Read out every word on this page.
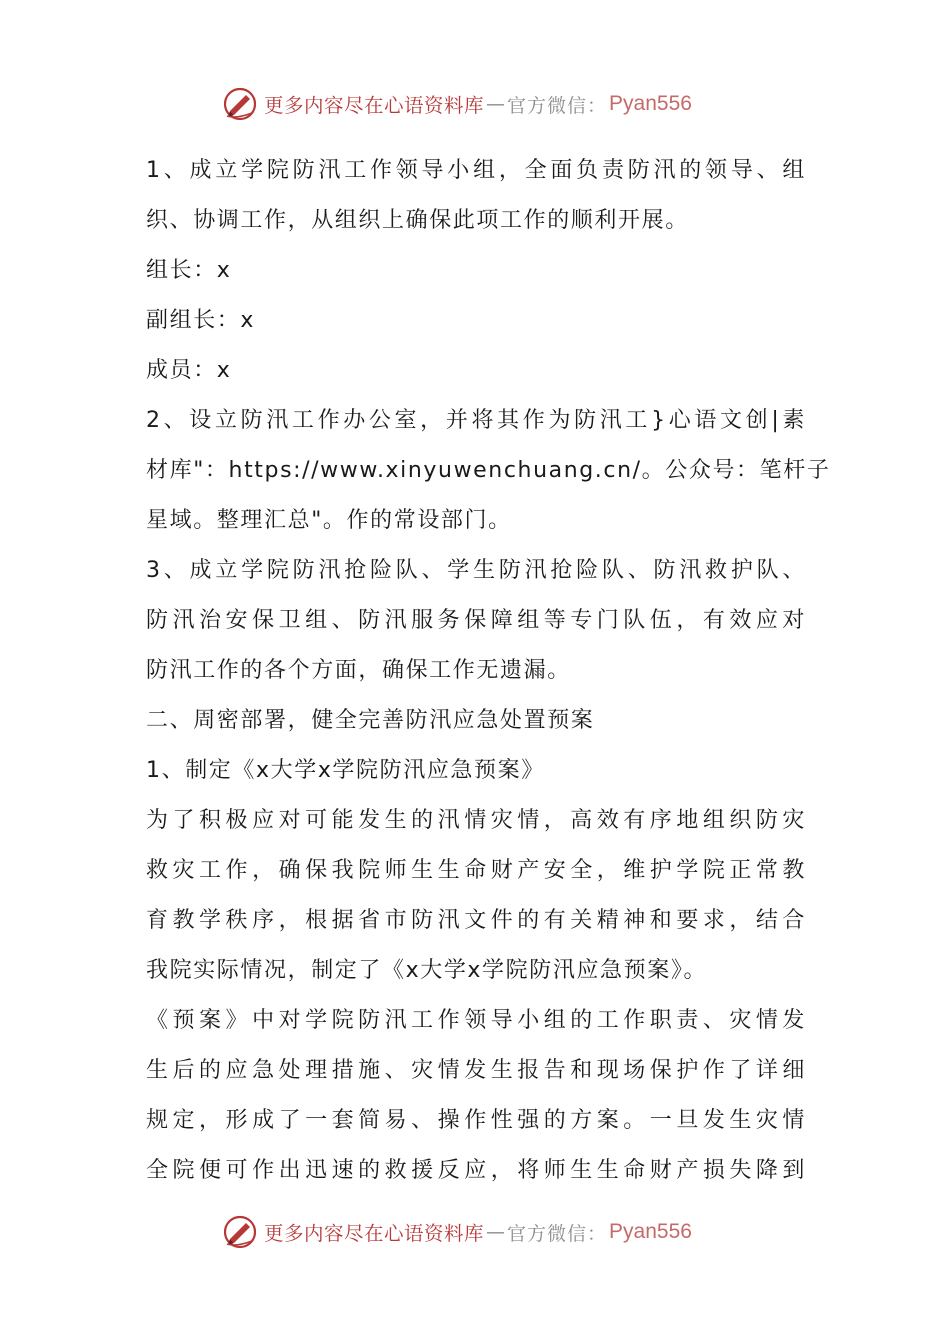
更多内容尽在心语资料库 — 官方微信： Pyan556
1、成立学院防汛工作领导小组，全面负责防汛的领导、组
织、协调工作，从组织上确保此项工作的顺利开展。
组长：x
副组长：x
成员：x
2、设立防汛工作办公室，并将其作为防汛工}心语文创|素
材库"：https://www.xinyuwenchuang.cn/。公众号：笔杆子
星域。整理汇总"。作的常设部门。
3、成立学院防汛抢险队、学生防汛抢险队、防汛救护队、
防汛治安保卫组、防汛服务保障组等专门队伍，有效应对
防汛工作的各个方面，确保工作无遗漏。
二、周密部署，健全完善防汛应急处置预案
1、制定《x大学x学院防汛应急预案》
为了积极应对可能发生的汛情灾情，高效有序地组织防灾
救灾工作，确保我院师生生命财产安全，维护学院正常教
育教学秩序，根据省市防汛文件的有关精神和要求，结合
我院实际情况，制定了《x大学x学院防汛应急预案》。
《预案》中对学院防汛工作领导小组的工作职责、灾情发
生后的应急处理措施、灾情发生报告和现场保护作了详细
规定，形成了一套简易、操作性强的方案。一旦发生灾情
全院便可作出迅速的救援反应，将师生生命财产损失降到
更多内容尽在心语资料库 — 官方微信： Pyan556
